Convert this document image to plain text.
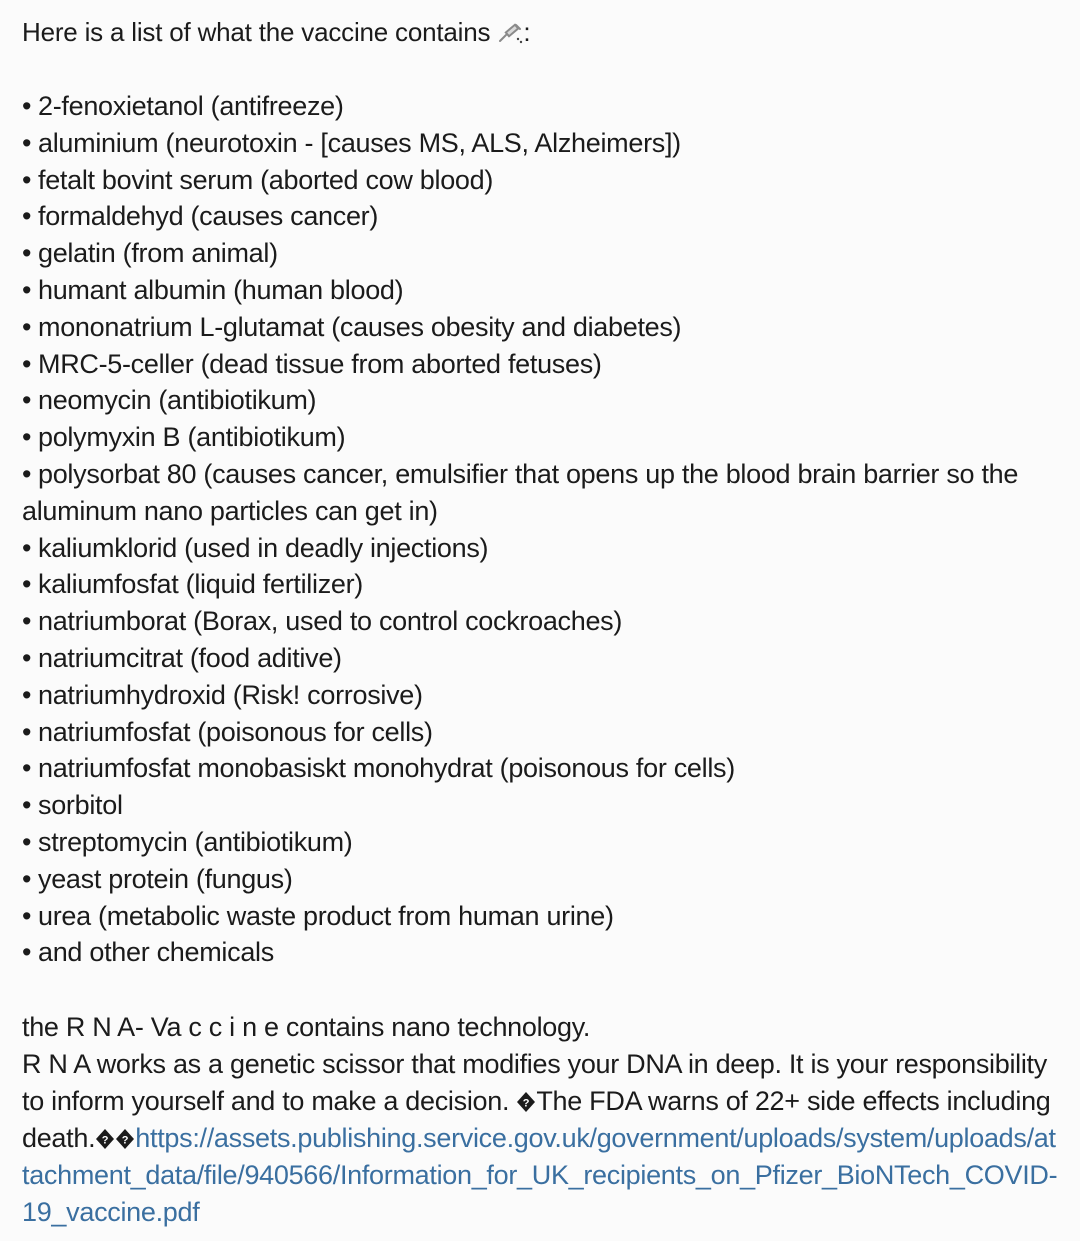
Here is a list of what the vaccine contains :

• 2-fenoxietanol (antifreeze)
• aluminium (neurotoxin - [causes MS, ALS, Alzheimers])
• fetalt bovint serum (aborted cow blood)
• formaldehyd (causes cancer)
• gelatin (from animal)
• humant albumin (human blood)
• mononatrium L-glutamat (causes obesity and diabetes)
• MRC-5-celler (dead tissue from aborted fetuses)
• neomycin (antibiotikum)
• polymyxin B (antibiotikum)
• polysorbat 80 (causes cancer, emulsifier that opens up the blood brain barrier so the aluminum nano particles can get in)
• kaliumklorid (used in deadly injections)
• kaliumfosfat (liquid fertilizer)
• natriumborat (Borax, used to control cockroaches)
• natriumcitrat (food aditive)
• natriumhydroxid (Risk! corrosive)
• natriumfosfat (poisonous for cells)
• natriumfosfat monobasiskt monohydrat (poisonous for cells)
• sorbitol
• streptomycin (antibiotikum)
• yeast protein (fungus)
• urea (metabolic waste product from human urine)
• and other chemicals

the R N A- Va c c i n e contains nano technology.

R N A works as a genetic scissor that modifies your DNA in deep. It is your responsibility to inform yourself and to make a decision. ? The FDA warns of 22+ side effects including death. ? ? https://assets.publishing.service.gov.uk/government/uploads/system/uploads/attachment_data/file/940566/Information_for_UK_recipients_on_Pfizer_BioNTech_COVID-19_vaccine.pdf
